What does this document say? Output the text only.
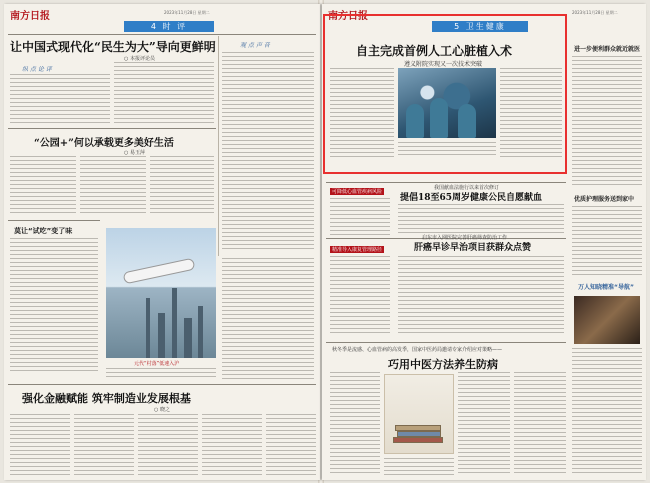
南方日报	2023年11月28日 星期二
4 时 评
让中国式现代化“民生为大”导向更鲜明
○ 本报评论员
纵 点 论 评
观 点 声 音
“公园+”何以承载更多美好生活
○ 易玉萍
莫让“试吃”变了味
元代“村落”低速入沪
强化金融赋能 筑牢制造业发展根基
○ 晓之
南方日报	2023年11月28日 星期二
5 卫生健康
自主完成首例人工心脏植入术
遵义附院实现又一次技术突破
进一步便利群众就近就医
可降低心血管疾病风险
我国献血法施行以来首次修订
提倡18至65周岁健康公民自愿献血	优质护理服务送到家中
精准导入康复管理路径
启东市入网医院完善肝癌筛查防治工作
肝癌早诊早治项目获群众点赞
万人知晓精准“导航”
秋冬季是流感、心血管病的高发季，国家中医药局邀请专家介绍应对策略——
巧用中医方法养生防病
